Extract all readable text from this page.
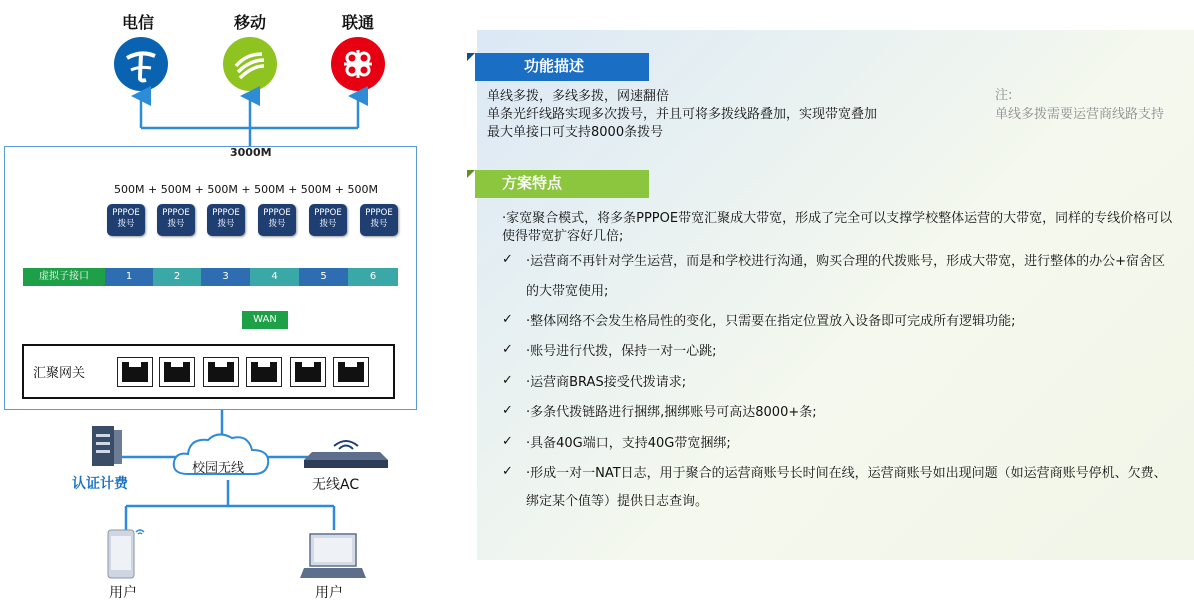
电信	移动	联通
3000M
500M + 500M + 500M + 500M + 500M + 500M
PPPOE
拨号
PPPOE
拨号
PPPOE
拨号
PPPOE
拨号
PPPOE
拨号
PPPOE
拨号
虚拟子接口	1	2	3	4	5	6
WAN
汇聚网关
认证计费
校园无线
无线AC
用户	用户
功能描述
单线多拨，多线多拨，网速翻倍
单条光纤线路实现多次拨号，并且可将多拨线路叠加，实现带宽叠加
最大单接口可支持8000条拨号
注:
单线多拨需要运营商线路支持
方案特点
·家宽聚合模式，将多条PPPOE带宽汇聚成大带宽，形成了完全可以支撑学校整体运营的大带宽，同样的专线价格可以使得带宽扩容好几倍;
✓ ·运营商不再针对学生运营，而是和学校进行沟通，购买合理的代拨账号，形成大带宽，进行整体的办公+宿舍区的大带宽使用;
✓ ·整体网络不会发生格局性的变化，只需要在指定位置放入设备即可完成所有逻辑功能;
✓ ·账号进行代拨，保持一对一心跳;
✓ ·运营商BRAS接受代拨请求;
✓ ·多条代拨链路进行捆绑,捆绑账号可高达8000+条;
✓ ·具备40G端口，支持40G带宽捆绑;
✓ ·形成一对一NAT日志，用于聚合的运营商账号长时间在线，运营商账号如出现问题（如运营商账号停机、欠费、绑定某个值等）提供日志查询。
